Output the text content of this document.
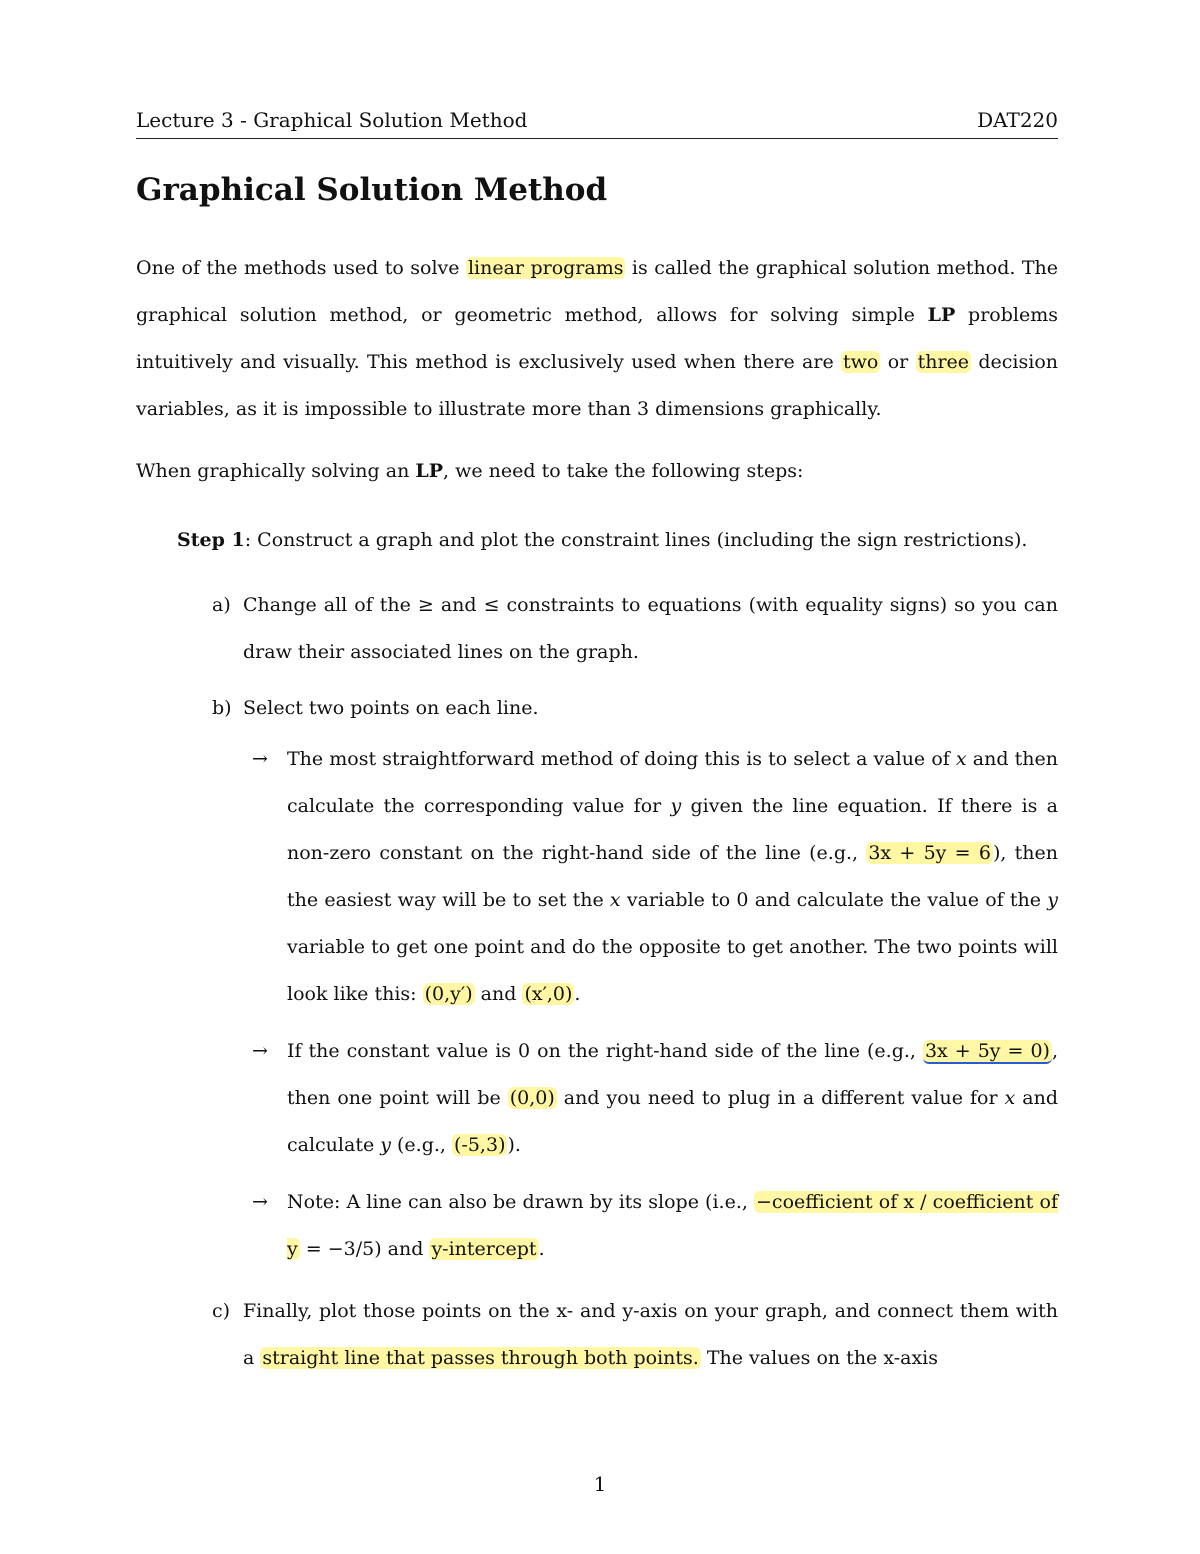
Lecture 3 - Graphical Solution Method	DAT220
Graphical Solution Method
One of the methods used to solve linear programs is called the graphical solution method. The graphical solution method, or geometric method, allows for solving simple LP problems intuitively and visually. This method is exclusively used when there are two or three decision variables, as it is impossible to illustrate more than 3 dimensions graphically.
When graphically solving an LP, we need to take the following steps:
Step 1: Construct a graph and plot the constraint lines (including the sign restrictions).
a) Change all of the ≥ and ≤ constraints to equations (with equality signs) so you can draw their associated lines on the graph.
b) Select two points on each line.
→ The most straightforward method of doing this is to select a value of x and then calculate the corresponding value for y given the line equation. If there is a non-zero constant on the right-hand side of the line (e.g., 3x + 5y = 6 ), then the easiest way will be to set the x variable to 0 and calculate the value of the y variable to get one point and do the opposite to get another. The two points will look like this: (0,y′) and (x′,0) .
→ If the constant value is 0 on the right-hand side of the line (e.g., 3x + 5y = 0) , then one point will be (0,0) and you need to plug in a different value for x and calculate y (e.g., (-5,3) ).
→ Note: A line can also be drawn by its slope (i.e., −coefficient of x / coefficient of y = −3/5) and y-intercept .
c) Finally, plot those points on the x- and y-axis on your graph, and connect them with a straight line that passes through both points. The values on the x-axis
1
